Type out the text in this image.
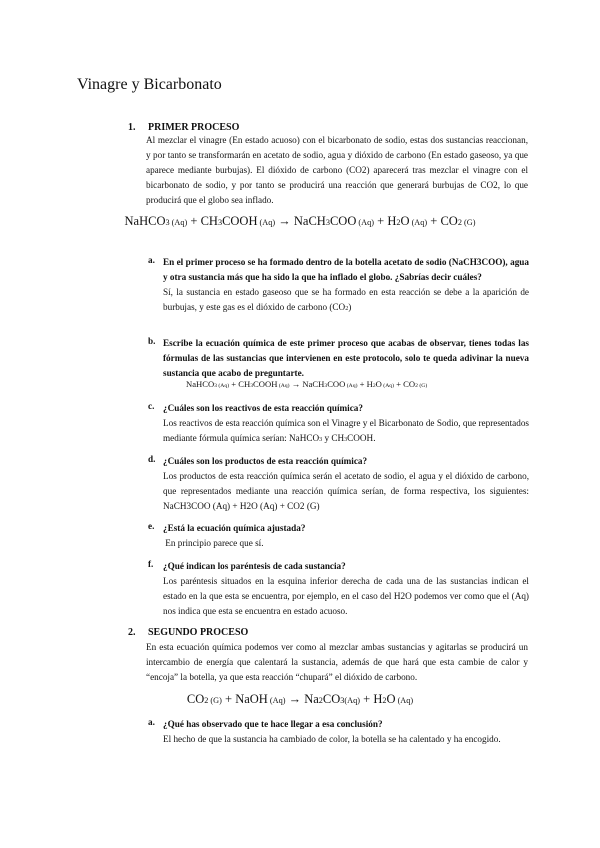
Vinagre y Bicarbonato
1. PRIMER PROCESO
Al mezclar el vinagre (En estado acuoso) con el bicarbonato de sodio, estas dos sustancias reaccionan, y por tanto se transformarán en acetato de sodio, agua y dióxido de carbono (En estado gaseoso, ya que aparece mediante burbujas). El dióxido de carbono (CO2) aparecerá tras mezclar el vinagre con el bicarbonato de sodio, y por tanto se producirá una reacción que generará burbujas de CO2, lo que producirá que el globo sea inflado.
NaHCO3 (Aq) + CH3COOH (Aq) → NaCH3COO (Aq) + H2O (Aq) + CO2 (G)
a. En el primer proceso se ha formado dentro de la botella acetato de sodio (NaCH3COO), agua y otra sustancia más que ha sido la que ha inflado el globo. ¿Sabrías decir cuáles?
Sí, la sustancia en estado gaseoso que se ha formado en esta reacción se debe a la aparición de burbujas, y este gas es el dióxido de carbono (CO2)
b. Escribe la ecuación química de este primer proceso que acabas de observar, tienes todas las fórmulas de las sustancias que intervienen en este protocolo, solo te queda adivinar la nueva sustancia que acabo de preguntarte.
NaHCO3 (Aq) + CH3COOH (Aq) → NaCH3COO (Aq) + H2O (Aq) + CO2 (G)
c. ¿Cuáles son los reactivos de esta reacción química?
Los reactivos de esta reacción química son el Vinagre y el Bicarbonato de Sodio, que representados mediante fórmula química serían: NaHCO3 y CH3COOH.
d. ¿Cuáles son los productos de esta reacción química?
Los productos de esta reacción química serán el acetato de sodio, el agua y el dióxido de carbono, que representados mediante una reacción química serían, de forma respectiva, los siguientes: NaCH3COO (Aq) + H2O (Aq) + CO2 (G)
e. ¿Está la ecuación química ajustada?
En principio parece que sí.
f. ¿Qué indican los paréntesis de cada sustancia?
Los paréntesis situados en la esquina inferior derecha de cada una de las sustancias indican el estado en la que esta se encuentra, por ejemplo, en el caso del H2O podemos ver como que el (Aq) nos indica que esta se encuentra en estado acuoso.
2. SEGUNDO PROCESO
En esta ecuación química podemos ver como al mezclar ambas sustancias y agitarlas se producirá un intercambio de energía que calentará la sustancia, además de que hará que esta cambie de calor y “encoja” la botella, ya que esta reacción “chupará” el dióxido de carbono.
CO2 (G) + NaOH (Aq) → Na2CO3(Aq) + H2O (Aq)
a. ¿Qué has observado que te hace llegar a esa conclusión?
El hecho de que la sustancia ha cambiado de color, la botella se ha calentado y ha encogido.
